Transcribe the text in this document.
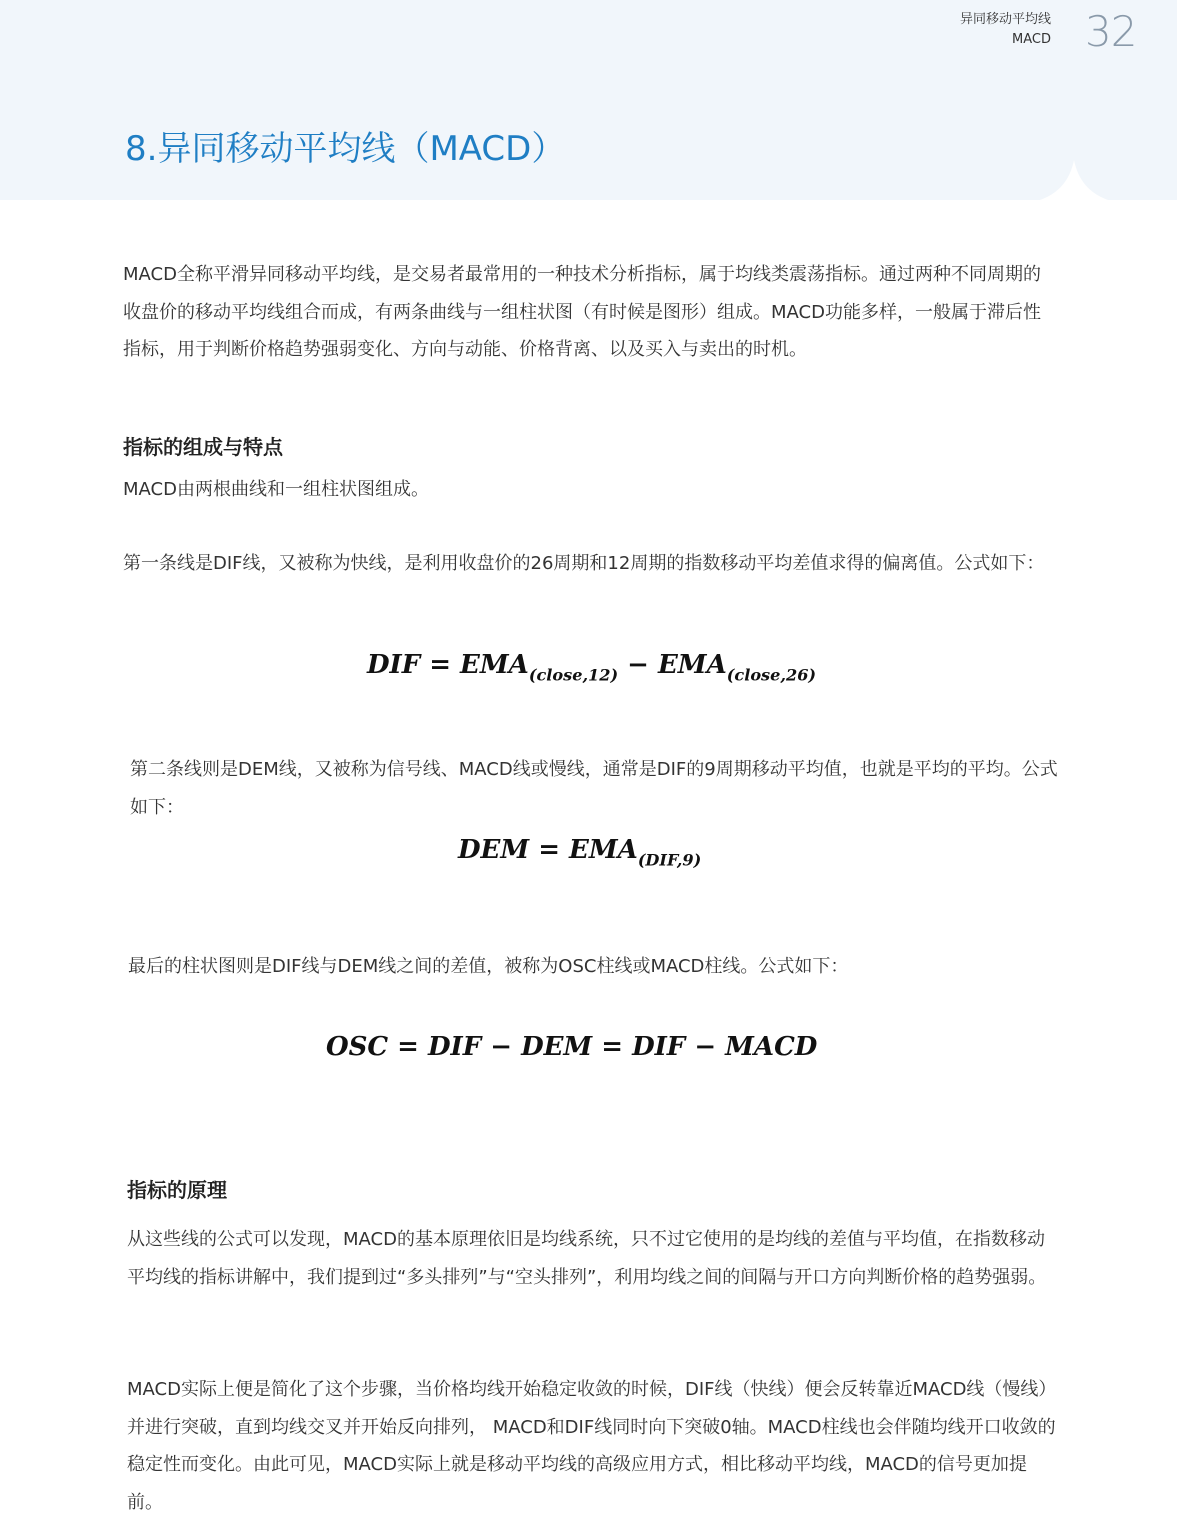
异同移动平均线
MACD 32
8.异同移动平均线（MACD）

MACD全称平滑异同移动平均线，是交易者最常用的一种技术分析指标，属于均线类震荡指标。通过两种不同周期的收盘价的移动平均线组合而成，有两条曲线与一组柱状图（有时候是图形）组成。MACD功能多样，一般属于滞后性指标，用于判断价格趋势强弱变化、方向与动能、价格背离、以及买入与卖出的时机。

指标的组成与特点

MACD由两根曲线和一组柱状图组成。

第一条线是DIF线，又被称为快线，是利用收盘价的26周期和12周期的指数移动平均差值求得的偏离值。公式如下：

DIF = $EMA_{(close,12)} - EMA_{(close,26)}$

第二条线则是DEM线，又被称为信号线、MACD线或慢线，通常是DIF的9周期移动平均值，也就是平均的平均。公式如下：

DEM = $EMA_{(DIF,9)}$

最后的柱状图则是DIF线与DEM线之间的差值，被称为OSC柱线或MACD柱线。公式如下：

OSC = DIF − DEM = DIF − MACD
指标的原理

从这些线的公式可以发现，MACD的基本原理依旧是均线系统，只不过它使用的是均线的差值与平均值，在指数移动平均线的指标讲解中，我们提到过“多头排列”与“空头排列”，利用均线之间的间隔与开口方向判断价格的趋势强弱。

MACD实际上便是简化了这个步骤，当价格均线开始稳定收敛的时候，DIF线（快线）便会反转靠近MACD线（慢线）并进行突破，直到均线交叉并开始反向排列， MACD和DIF线同时向下突破0轴。MACD柱线也会伴随均线开口收敛的稳定性而变化。由此可见，MACD实际上就是移动平均线的高级应用方式，相比移动平均线，MACD的信号更加提前。
